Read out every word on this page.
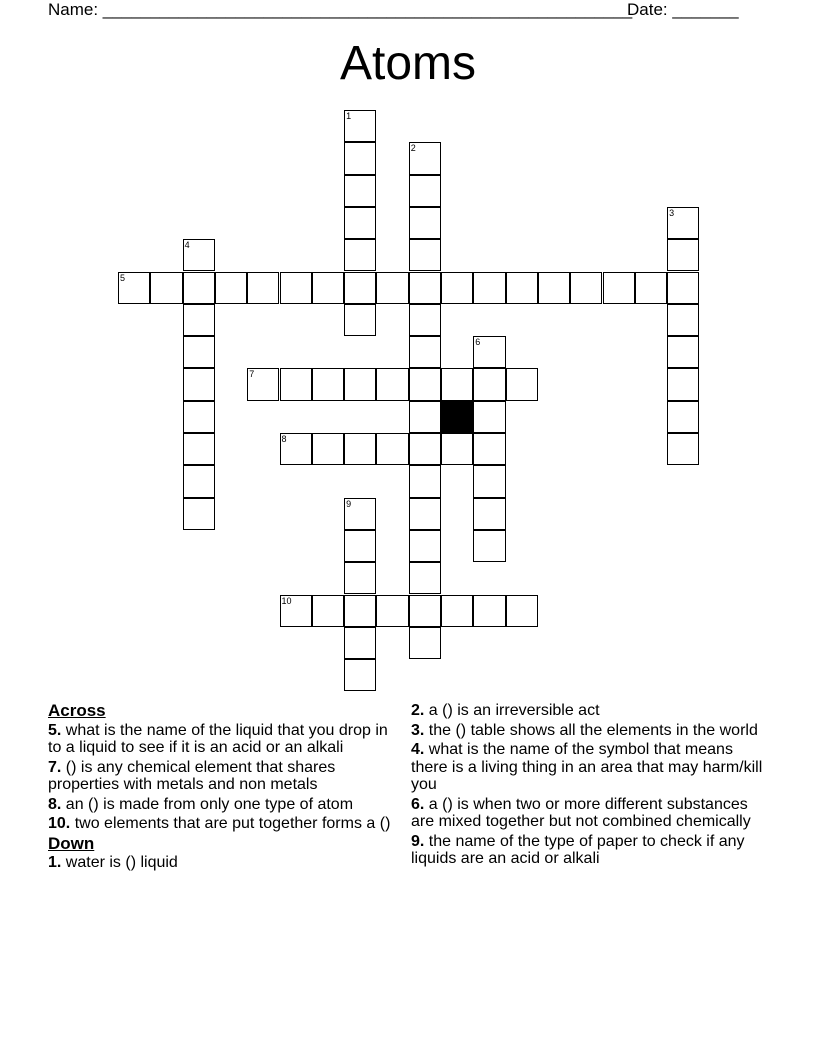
Name: ________________________________________________________
Date: _______
Atoms
1
2
3
4
5
6
7
8
9
10
Across
5. what is the name of the liquid that you drop in to a liquid to see if it is an acid or an alkali
7. () is any chemical element that shares properties with metals and non metals
8. an () is made from only one type of atom
10. two elements that are put together forms a ()
Down
1. water is () liquid
2. a () is an irreversible act
3. the () table shows all the elements in the world
4. what is the name of the symbol that means there is a living thing in an area that may harm/kill you
6. a () is when two or more different substances are mixed together but not combined chemically
9. the name of the type of paper to check if any liquids are an acid or alkali
